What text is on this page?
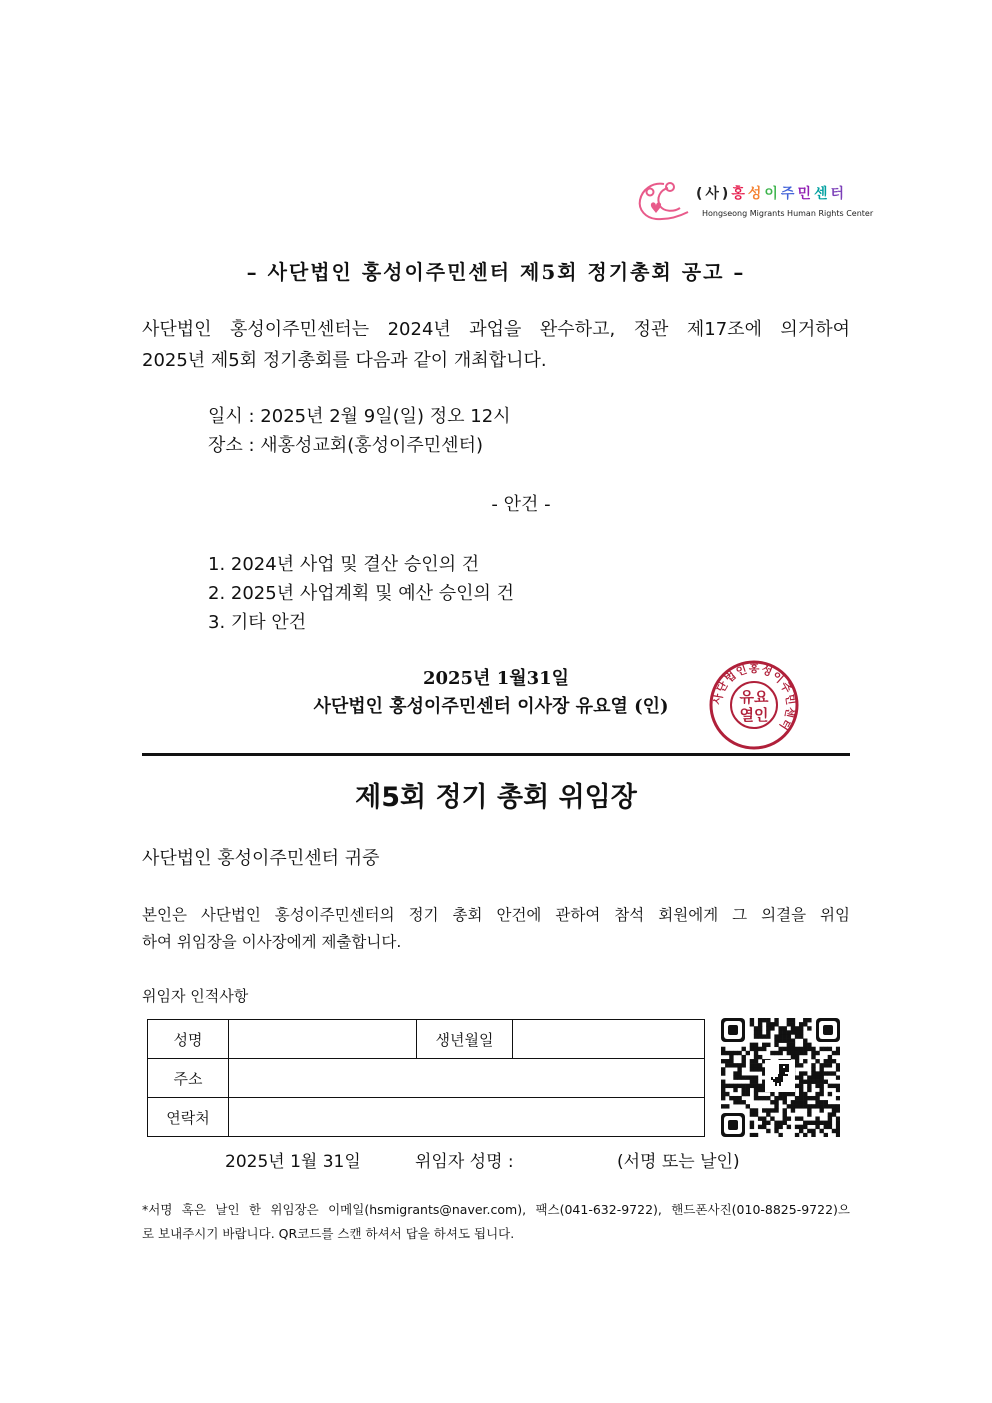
(사)홍성이주민센터
Hongseong Migrants Human Rights Center
– 사단법인 홍성이주민센터 제5회 정기총회 공고 –
사단법인 홍성이주민센터는 2024년 과업을 완수하고, 정관 제17조에 의거하여
2025년 제5회 정기총회를 다음과 같이 개최합니다.
일시 : 2025년 2월 9일(일) 정오 12시
장소 : 새홍성교회(홍성이주민센터)
- 안건 -
1. 2024년 사업 및 결산 승인의 건
2. 2025년 사업계획 및 예산 승인의 건
3. 기타 안건
2025년 1월31일
사단법인 홍성이주민센터 이사장 유요열 (인)	사단법인홍성이주민센터
유요
열인
제5회 정기 총회 위임장
사단법인 홍성이주민센터 귀중
본인은 사단법인 홍성이주민센터의 정기 총회 안건에 관하여 참석 회원에게 그 의결을 위임
하여 위임장을 이사장에게 제출합니다.
위임자 인적사항
성명		생년월일	
주소			
연락처			
2025년 1월 31일	위임자 성명 :	(서명 또는 날인)
*서명 혹은 날인 한 위임장은 이메일(hsmigrants@naver.com), 팩스(041-632-9722), 핸드폰사진(010-8825-9722)으
로 보내주시기 바랍니다. QR코드를 스캔 하셔서 답을 하셔도 됩니다.
